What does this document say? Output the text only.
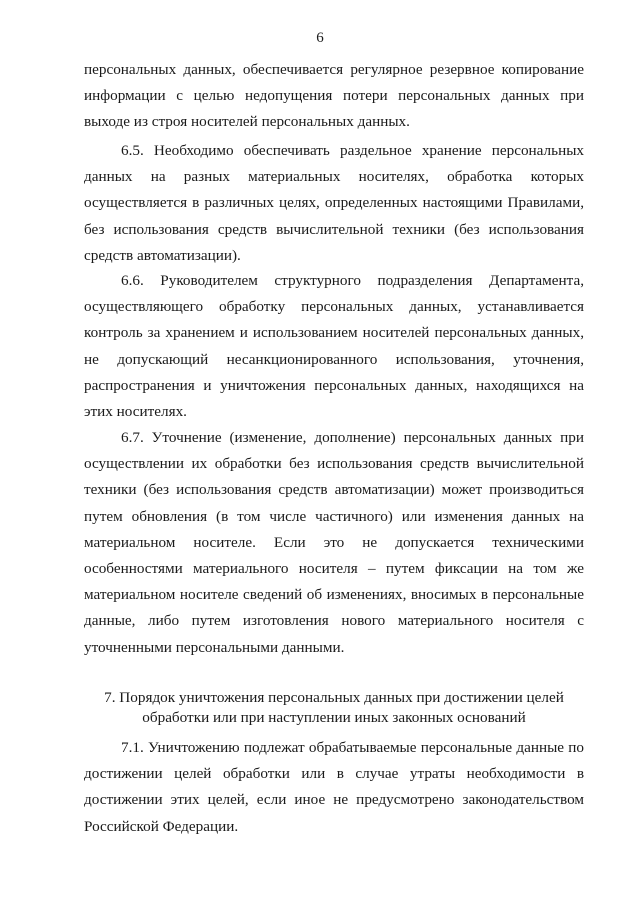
6

персональных данных, обеспечивается регулярное резервное копирование информации с целью недопущения потери персональных данных при выходе из строя носителей персональных данных.

6.5. Необходимо обеспечивать раздельное хранение персональных данных на разных материальных носителях, обработка которых осуществляется в различных целях, определенных настоящими Правилами, без использования средств вычислительной техники (без использования средств автоматизации).

6.6. Руководителем структурного подразделения Департамента, осуществляющего обработку персональных данных, устанавливается контроль за хранением и использованием носителей персональных данных, не допускающий несанкционированного использования, уточнения, распространения и уничтожения персональных данных, находящихся на этих носителях.

6.7. Уточнение (изменение, дополнение) персональных данных при осуществлении их обработки без использования средств вычислительной техники (без использования средств автоматизации) может производиться путем обновления (в том числе частичного) или изменения данных на материальном носителе. Если это не допускается техническими особенностями материального носителя – путем фиксации на том же материальном носителе сведений об изменениях, вносимых в персональные данные, либо путем изготовления нового материального носителя с уточненными персональными данными.

7. Порядок уничтожения персональных данных при достижении целей
обработки или при наступлении иных законных оснований

7.1. Уничтожению подлежат обрабатываемые персональные данные по достижении целей обработки или в случае утраты необходимости в достижении этих целей, если иное не предусмотрено законодательством Российской Федерации.
